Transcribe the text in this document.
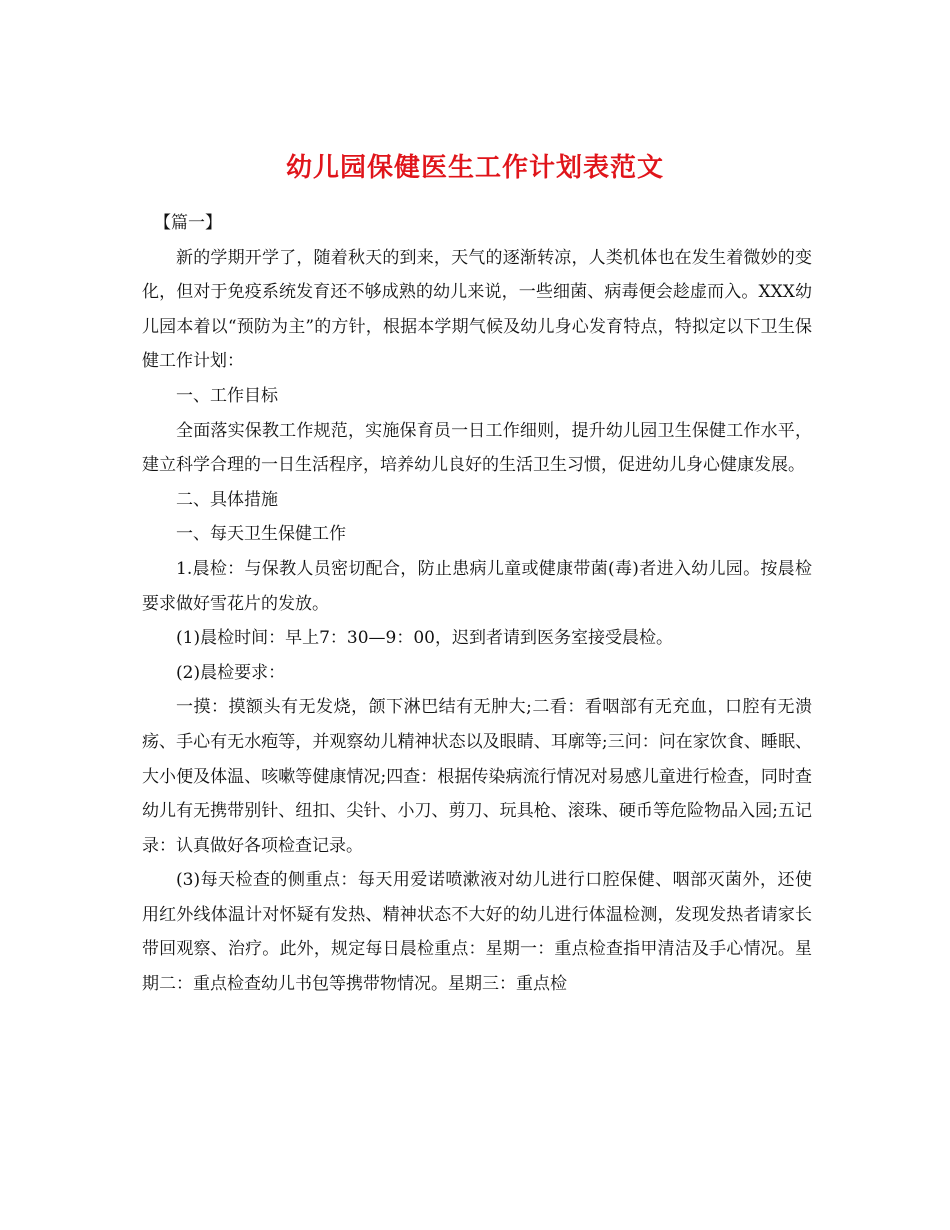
幼儿园保健医生工作计划表范文

【篇一】

新的学期开学了，随着秋天的到来，天气的逐渐转凉，人类机体也在发生着微妙的变化，但对于免疫系统发育还不够成熟的幼儿来说，一些细菌、病毒便会趁虚而入。XXX幼儿园本着以“预防为主”的方针，根据本学期气候及幼儿身心发育特点，特拟定以下卫生保健工作计划：

一、工作目标

全面落实保教工作规范，实施保育员一日工作细则，提升幼儿园卫生保健工作水平，建立科学合理的一日生活程序，培养幼儿良好的生活卫生习惯，促进幼儿身心健康发展。

二、具体措施

一、每天卫生保健工作

1.晨检：与保教人员密切配合，防止患病儿童或健康带菌(毒)者进入幼儿园。按晨检要求做好雪花片的发放。

(1)晨检时间：早上7：30—9：00，迟到者请到医务室接受晨检。

(2)晨检要求：

一摸：摸额头有无发烧，颌下淋巴结有无肿大;二看：看咽部有无充血，口腔有无溃疡、手心有无水疱等，并观察幼儿精神状态以及眼睛、耳廓等;三问：问在家饮食、睡眠、大小便及体温、咳嗽等健康情况;四查：根据传染病流行情况对易感儿童进行检查，同时查幼儿有无携带别针、纽扣、尖针、小刀、剪刀、玩具枪、滚珠、硬币等危险物品入园;五记录：认真做好各项检查记录。

(3)每天检查的侧重点：每天用爱诺喷漱液对幼儿进行口腔保健、咽部灭菌外，还使用红外线体温计对怀疑有发热、精神状态不大好的幼儿进行体温检测，发现发热者请家长带回观察、治疗。此外，规定每日晨检重点：星期一：重点检查指甲清洁及手心情况。星期二：重点检查幼儿书包等携带物情况。星期三：重点检
